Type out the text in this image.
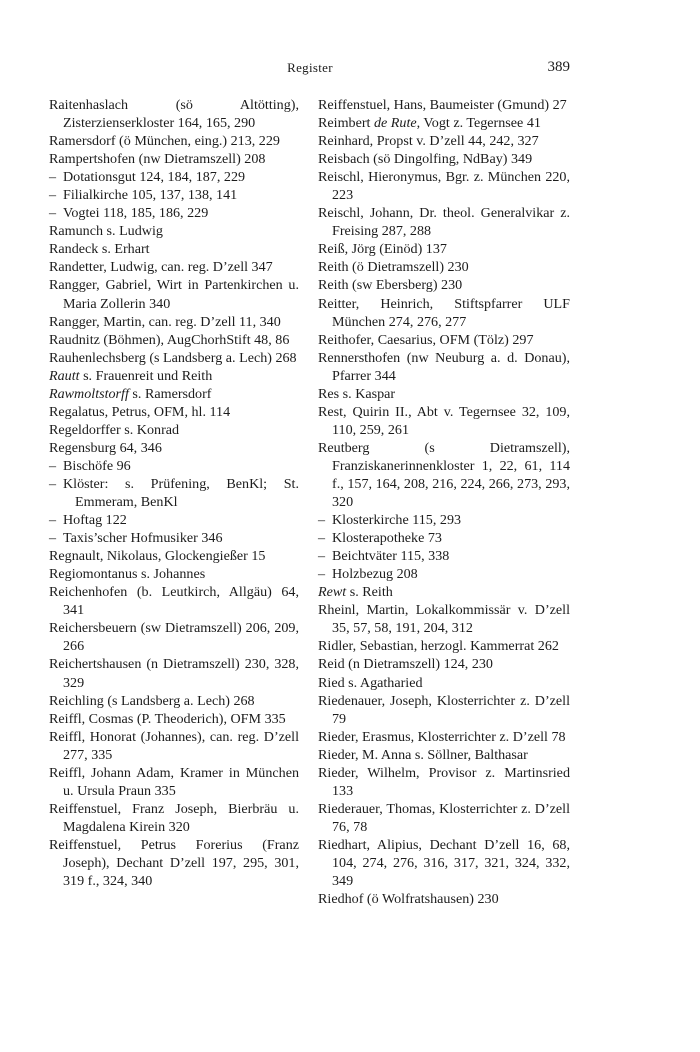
Register	389

Raitenhaslach (sö Altötting), Zisterzienserkloster 164, 165, 290

Ramersdorf (ö München, eing.) 213, 229

Rampertshofen (nw Dietramszell) 208

– Dotationsgut 124, 184, 187, 229

– Filialkirche 105, 137, 138, 141

– Vogtei 118, 185, 186, 229

Ramunch s. Ludwig

Randeck s. Erhart

Randetter, Ludwig, can. reg. D’zell 347

Rangger, Gabriel, Wirt in Partenkirchen u. Maria Zollerin 340

Rangger, Martin, can. reg. D’zell 11, 340

Raudnitz (Böhmen), AugChorhStift 48, 86

Rauhenlechsberg (s Landsberg a. Lech) 268

Rautt s. Frauenreit und Reith

Rawmoltstorff s. Ramersdorf

Regalatus, Petrus, OFM, hl. 114

Regeldorffer s. Konrad

Regensburg 64, 346

– Bischöfe 96

– Klöster: s. Prüfening, BenKl; St. Emmeram, BenKl

– Hoftag 122

– Taxis’scher Hofmusiker 346

Regnault, Nikolaus, Glockengießer 15

Regiomontanus s. Johannes

Reichenhofen (b. Leutkirch, Allgäu) 64, 341

Reichersbeuern (sw Dietramszell) 206, 209, 266

Reichertshausen (n Dietramszell) 230, 328, 329

Reichling (s Landsberg a. Lech) 268

Reiffl, Cosmas (P. Theoderich), OFM 335

Reiffl, Honorat (Johannes), can. reg. D’zell 277, 335

Reiffl, Johann Adam, Kramer in München u. Ursula Praun 335

Reiffenstuel, Franz Joseph, Bierbräu u. Magdalena Kirein 320

Reiffenstuel, Petrus Forerius (Franz Joseph), Dechant D’zell 197, 295, 301, 319 f., 324, 340

Reiffenstuel, Hans, Baumeister (Gmund) 27

Reimbert de Rute, Vogt z. Tegernsee 41

Reinhard, Propst v. D’zell 44, 242, 327

Reisbach (sö Dingolfing, NdBay) 349

Reischl, Hieronymus, Bgr. z. München 220, 223

Reischl, Johann, Dr. theol. Generalvikar z. Freising 287, 288

Reiß, Jörg (Einöd) 137

Reith (ö Dietramszell) 230

Reith (sw Ebersberg) 230

Reitter, Heinrich, Stiftspfarrer ULF München 274, 276, 277

Reithofer, Caesarius, OFM (Tölz) 297

Rennersthofen (nw Neuburg a. d. Donau), Pfarrer 344

Res s. Kaspar

Rest, Quirin II., Abt v. Tegernsee 32, 109, 110, 259, 261

Reutberg (s Dietramszell), Franziskanerinnenkloster 1, 22, 61, 114 f., 157, 164, 208, 216, 224, 266, 273, 293, 320

– Klosterkirche 115, 293

– Klosterapotheke 73

– Beichtväter 115, 338

– Holzbezug 208

Rewt s. Reith

Rheinl, Martin, Lokalkommissär v. D’zell 35, 57, 58, 191, 204, 312

Ridler, Sebastian, herzogl. Kammerrat 262

Reid (n Dietramszell) 124, 230

Ried s. Agatharied

Riedenauer, Joseph, Klosterrichter z. D’zell 79

Rieder, Erasmus, Klosterrichter z. D’zell 78

Rieder, M. Anna s. Söllner, Balthasar

Rieder, Wilhelm, Provisor z. Martinsried 133

Riederauer, Thomas, Klosterrichter z. D’zell 76, 78

Riedhart, Alipius, Dechant D’zell 16, 68, 104, 274, 276, 316, 317, 321, 324, 332, 349

Riedhof (ö Wolfratshausen) 230
